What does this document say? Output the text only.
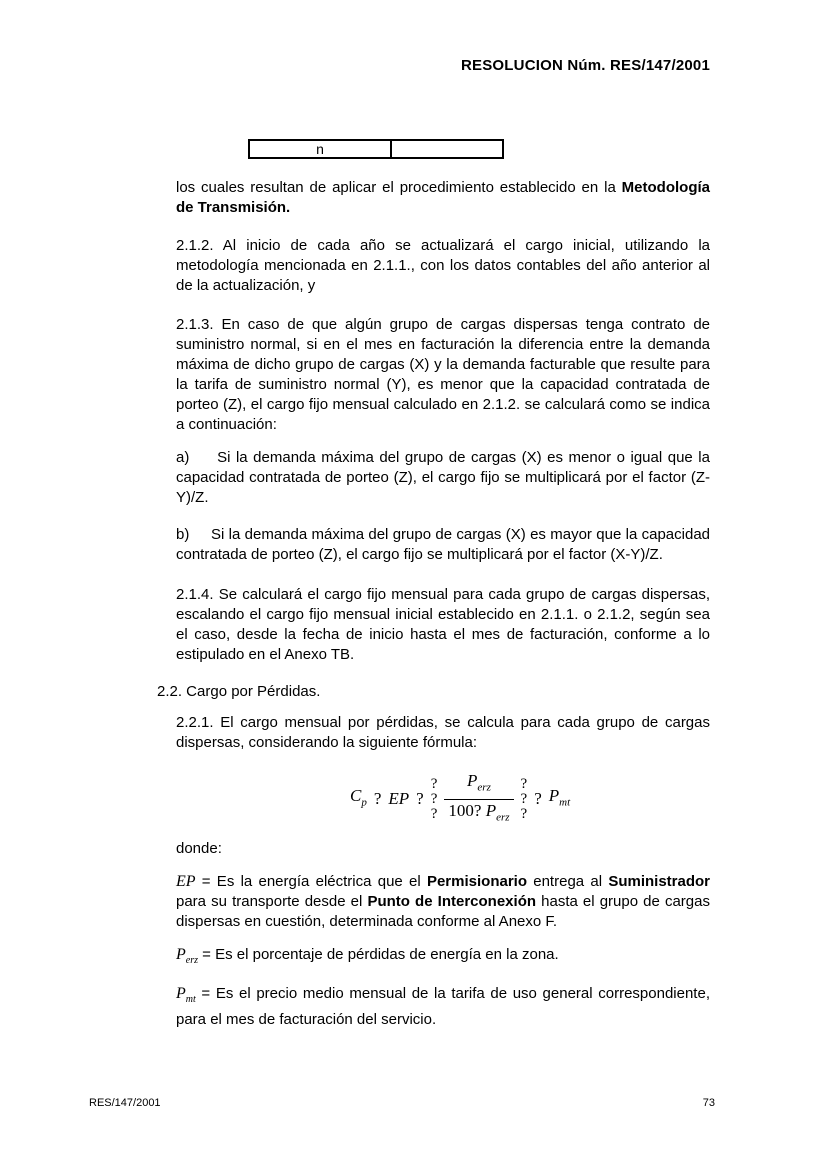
RESOLUCION Núm. RES/147/2001
n

los cuales resultan de aplicar el procedimiento establecido en la Metodología de Transmisión.

2.1.2. Al inicio de cada año se actualizará el cargo inicial, utilizando la metodología mencionada en 2.1.1., con los datos contables del año anterior al de la actualización, y

2.1.3. En caso de que algún grupo de cargas dispersas tenga contrato de suministro normal, si en el mes en facturación la diferencia entre la demanda máxima de dicho grupo de cargas (X) y la demanda facturable que resulte para la tarifa de suministro normal (Y), es menor que la capacidad contratada de porteo (Z), el cargo fijo mensual calculado en 2.1.2. se calculará como se indica a continuación:

a)     Si la demanda máxima del grupo de cargas (X) es menor o igual que la capacidad contratada de porteo (Z), el cargo fijo se multiplicará por el factor (Z-Y)/Z.

b)     Si la demanda máxima del grupo de cargas (X) es mayor que la capacidad contratada de porteo (Z), el cargo fijo se multiplicará por el factor (X-Y)/Z.

2.1.4. Se calculará el cargo fijo mensual para cada grupo de cargas dispersas, escalando el cargo fijo mensual inicial establecido en 2.1.1. o 2.1.2, según sea el caso, desde la fecha de inicio hasta el mes de facturación, conforme a lo estipulado en el Anexo TB.

2.2. Cargo por Pérdidas.

2.2.1. El cargo mensual por pérdidas, se calcula para cada grupo de cargas dispersas, considerando la siguiente fórmula:

$C_p$ ? EP ?
?
?
?
$P_{erz}$
100? $P_{erz}$
?
?
?
? $P_{mt}$

donde:

EP = Es la energía eléctrica que el Permisionario entrega al Suministrador para su transporte desde el Punto de Interconexión hasta el grupo de cargas dispersas en cuestión, determinada conforme al Anexo F.

$P_{erz} = Es$ el porcentaje de pérdidas de energía en la zona.

$P_{mt} = Es$ el precio medio mensual de la tarifa de uso general correspondiente, para el mes de facturación del servicio.

RES/147/2001	73
